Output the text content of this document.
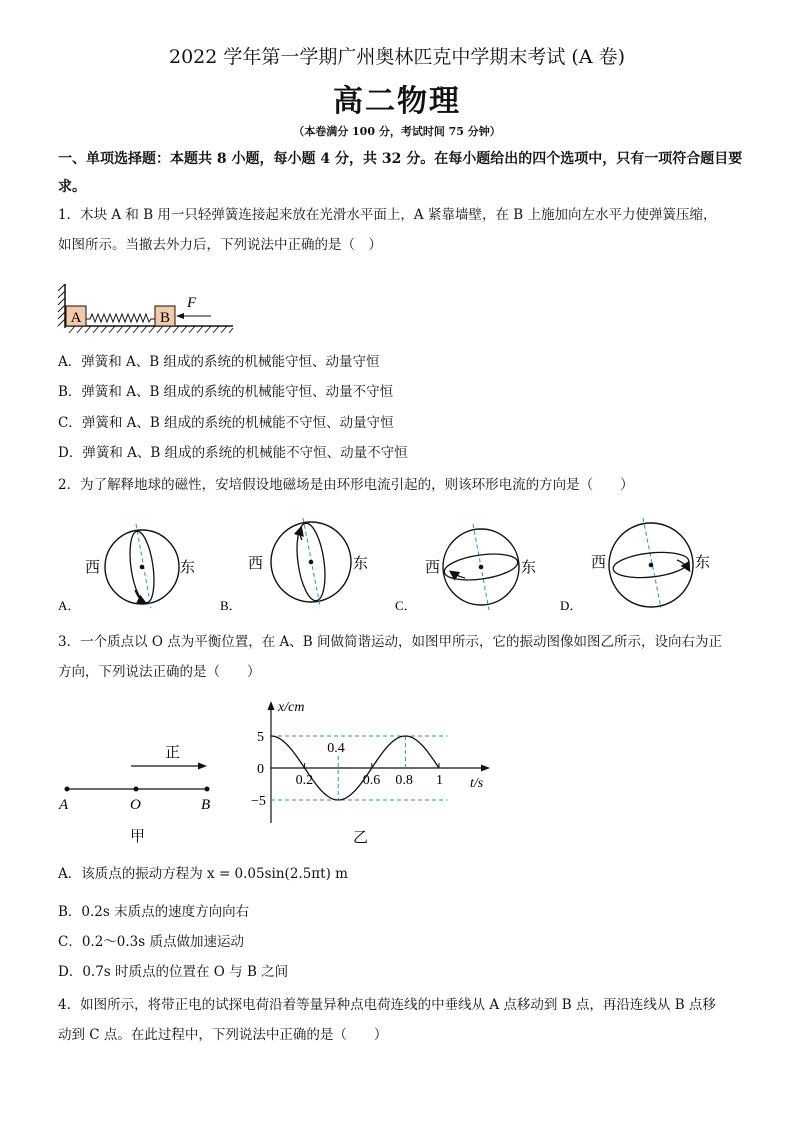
2022 学年第一学期广州奥林匹克中学期末考试 (A 卷)
高二物理
（本卷满分 100 分，考试时间 75 分钟）
一、单项选择题：本题共 8 小题，每小题 4 分，共 32 分。在每小题给出的四个选项中，只有一项符合题目要
求。
1．木块 A 和 B 用一只轻弹簧连接起来放在光滑水平面上，A 紧靠墙壁，在 B 上施加向左水平力使弹簧压缩，
如图所示。当撤去外力后，下列说法中正确的是（　）
A	B
F
A．弹簧和 A、B 组成的系统的机械能守恒、动量守恒
B．弹簧和 A、B 组成的系统的机械能守恒、动量不守恒
C．弹簧和 A、B 组成的系统的机械能不守恒、动量守恒
D．弹簧和 A、B 组成的系统的机械能不守恒、动量不守恒
2．为了解释地球的磁性，安培假设地磁场是由环形电流引起的，则该环形电流的方向是（　　）
西	东	西	东	西	东	西	东
A．	B．	C．	D．
3．一个质点以 O 点为平衡位置，在 A、B 间做简谐运动，如图甲所示，它的振动图像如图乙所示，设向右为正
方向，下列说法正确的是（　　）
正
A	O	B
甲
x/cm
t/s
5
0
−5
0.2
0.4
0.6 0.8 1
乙
A．该质点的振动方程为 x = 0.05sin(2.5πt) m
B．0.2s 末质点的速度方向向右
C．0.2～0.3s 质点做加速运动
D．0.7s 时质点的位置在 O 与 B 之间
4．如图所示，将带正电的试探电荷沿着等量异种点电荷连线的中垂线从 A 点移动到 B 点，再沿连线从 B 点移
动到 C 点。在此过程中，下列说法中正确的是（　　）
